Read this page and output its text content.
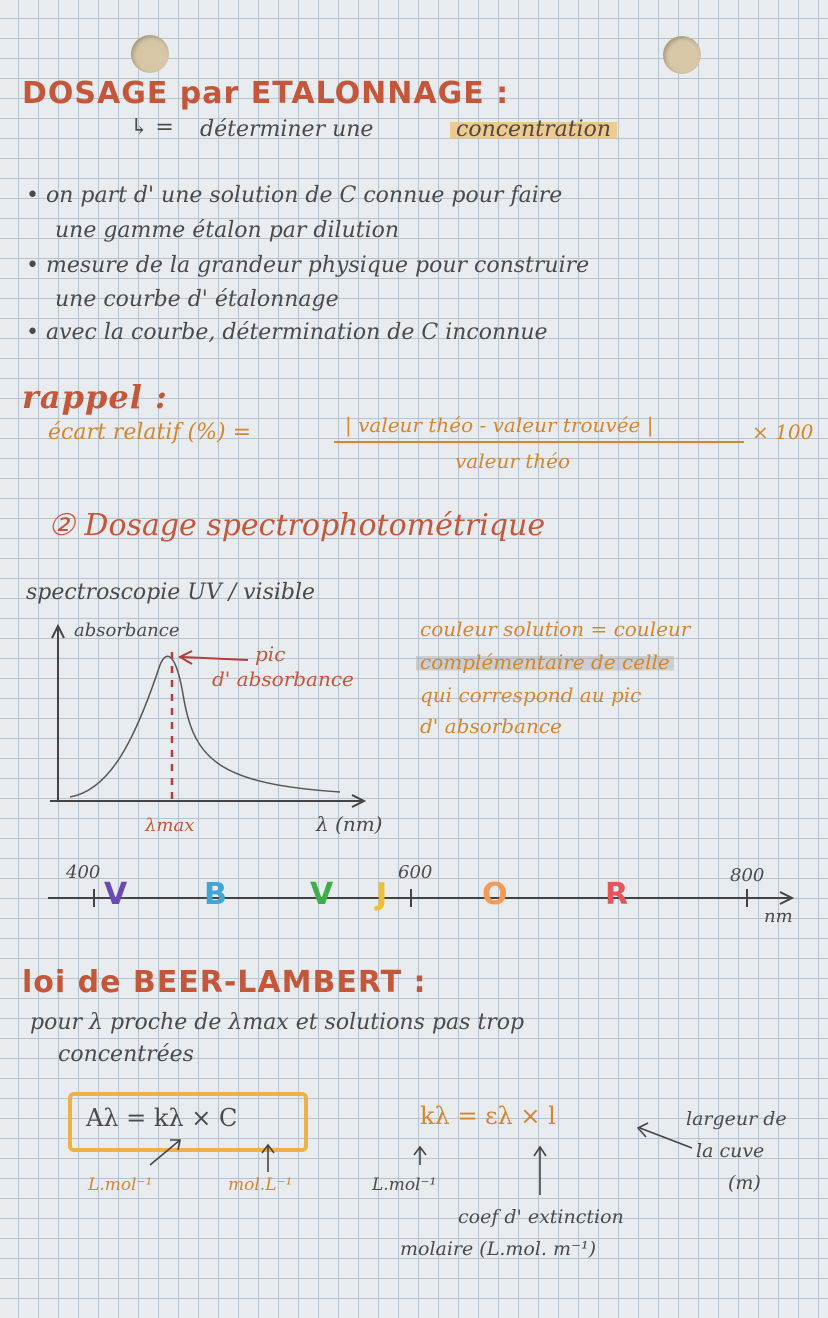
DOSAGE par ETALONNAGE :
↳ = déterminer une	concentration
• on part d' une solution de C connue pour faire
une gamme étalon par dilution
• mesure de la grandeur physique pour construire
une courbe d' étalonnage
• avec la courbe, détermination de C inconnue
rappel :
écart relatif (%) =	| valeur théo - valeur trouvée |
valeur théo
× 100
② Dosage spectrophotométrique
spectroscopie UV / visible
absorbance
pic
d' absorbance
λmax	λ (nm)
couleur solution = couleur
complémentaire de celle
qui correspond au pic
d' absorbance
400	600	800
nm
V	B	V J	O	R
loi de BEER-LAMBERT :
pour λ proche de λmax et solutions pas trop
concentrées
Aλ = kλ × C
L.mol⁻¹	mol.L⁻¹
kλ = ελ × l
L.mol⁻¹
largeur de
la cuve
(m)
coef d' extinction
molaire (L.mol. m⁻¹)
